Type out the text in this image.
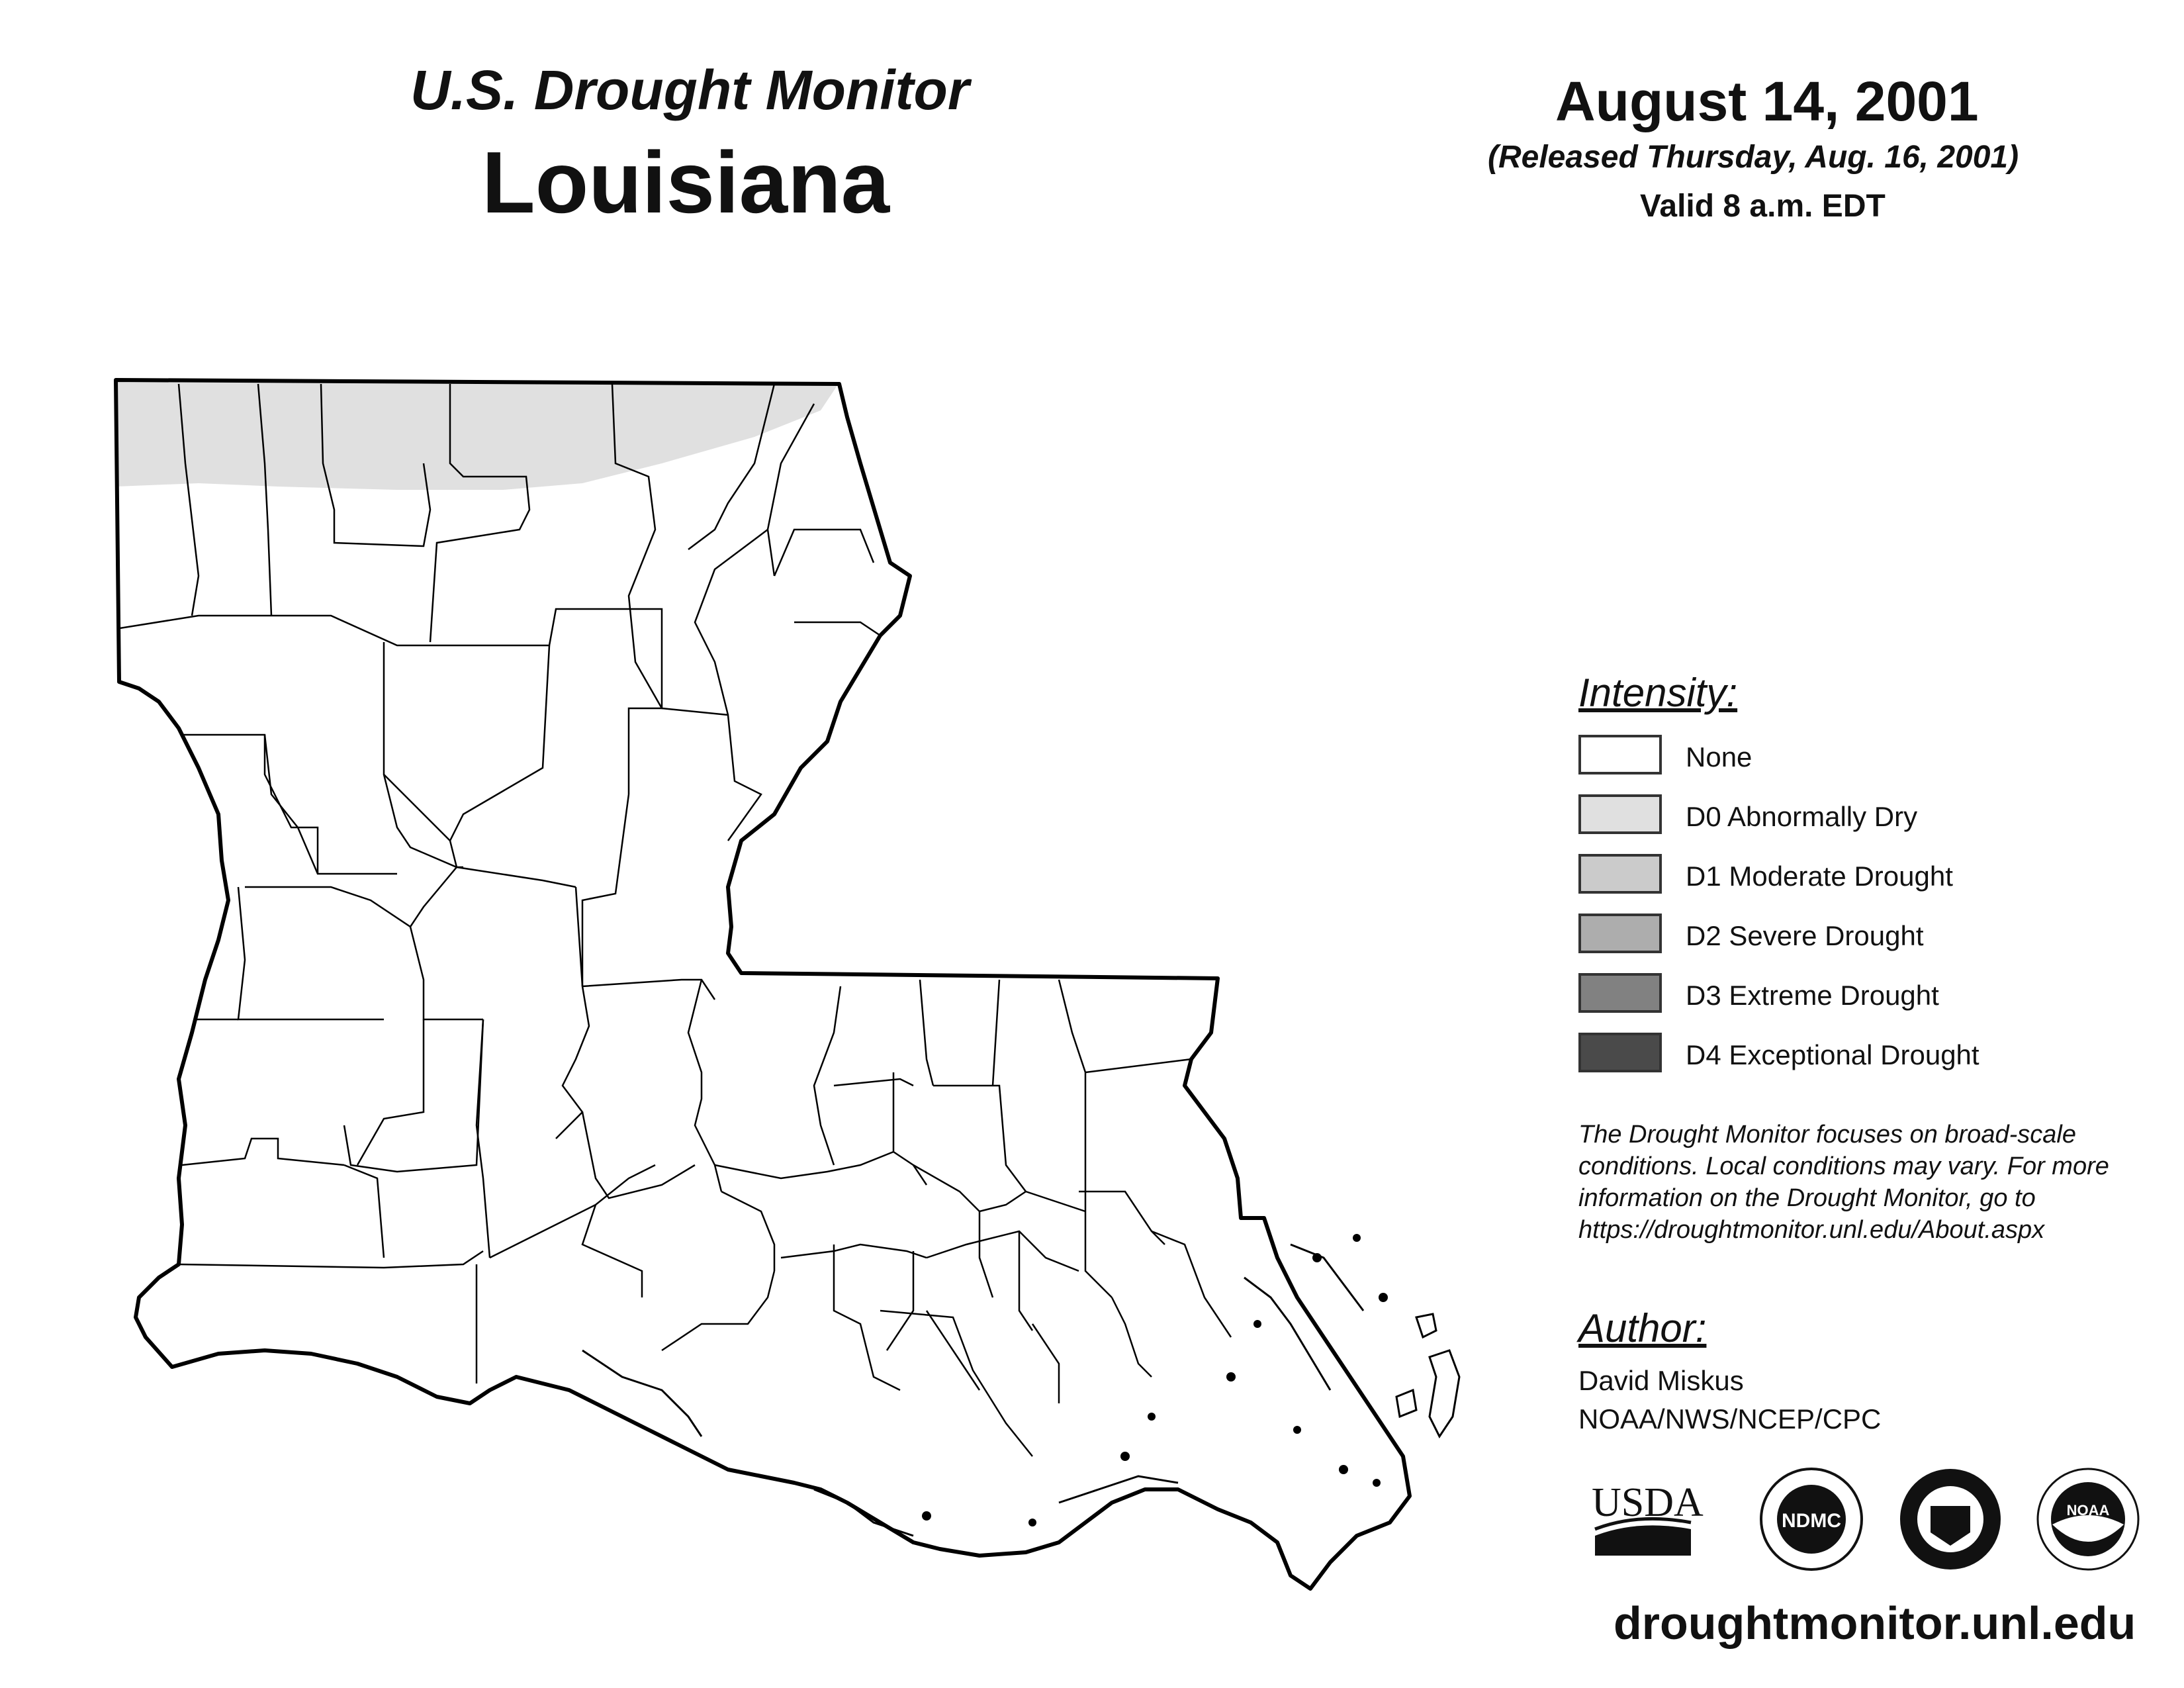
U.S. Drought Monitor
Louisiana
August 14, 2001
(Released Thursday, Aug. 16, 2001)
Valid 8 a.m. EDT
Intensity:
None
D0 Abnormally Dry
D1 Moderate Drought
D2 Severe Drought
D3 Extreme Drought
D4 Exceptional Drought
The Drought Monitor focuses on broad-scale
conditions. Local conditions may vary. For more
information on the Drought Monitor, go to
https://droughtmonitor.unl.edu/About.aspx
Author:
David Miskus
NOAA/NWS/NCEP/CPC
USDA	NDMC	NOAA
droughtmonitor.unl.edu
